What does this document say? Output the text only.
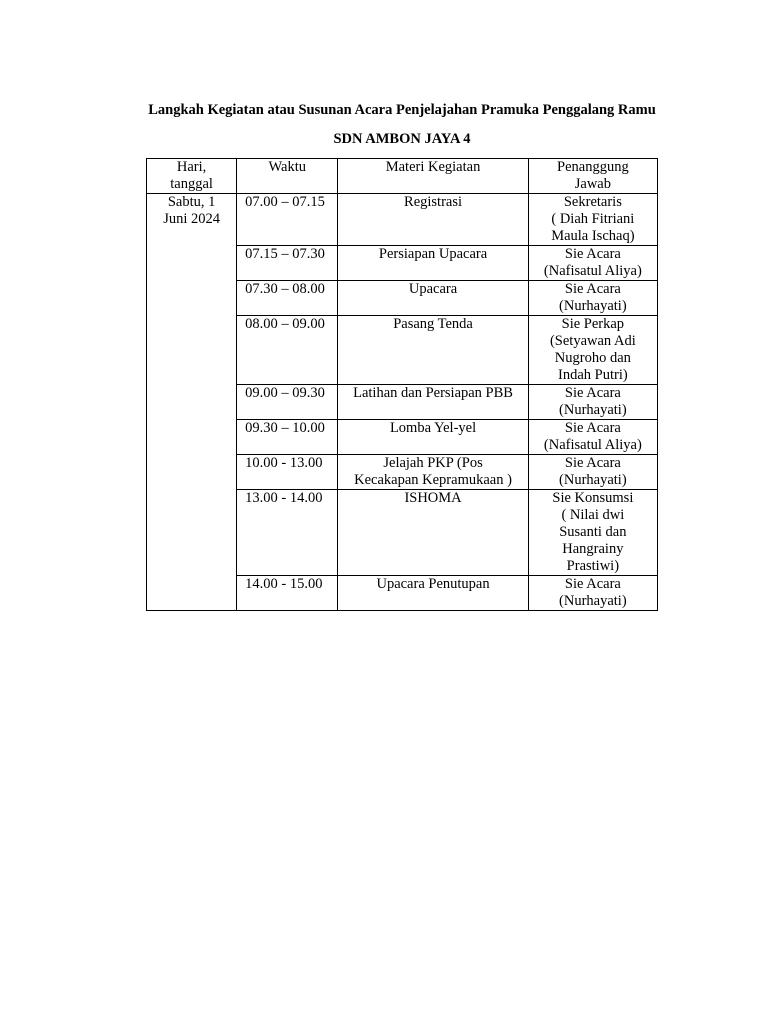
Langkah Kegiatan atau Susunan Acara Penjelajahan Pramuka Penggalang Ramu

SDN AMBON JAYA 4

Hari,
tanggal	Waktu	Materi Kegiatan	Penanggung
Jawab

Sabtu, 1
Juni 2024	07.00 – 07.15	Registrasi	Sekretaris
( Diah Fitriani
Maula Ischaq)

	07.15 – 07.30	Persiapan Upacara	Sie Acara
(Nafisatul Aliya)

	07.30 – 08.00	Upacara	Sie Acara
(Nurhayati)

	08.00 – 09.00	Pasang Tenda	Sie Perkap
(Setyawan Adi
Nugroho dan
Indah Putri)

	09.00 – 09.30	Latihan dan Persiapan PBB	Sie Acara
(Nurhayati)

	09.30 – 10.00	Lomba Yel-yel	Sie Acara
(Nafisatul Aliya)

	10.00 - 13.00	Jelajah PKP (Pos
Kecakapan Kepramukaan )	Sie Acara
(Nurhayati)

	13.00 - 14.00	ISHOMA	Sie Konsumsi
( Nilai dwi
Susanti dan
Hangrainy
Prastiwi)

	14.00 - 15.00	Upacara Penutupan	Sie Acara
(Nurhayati)
